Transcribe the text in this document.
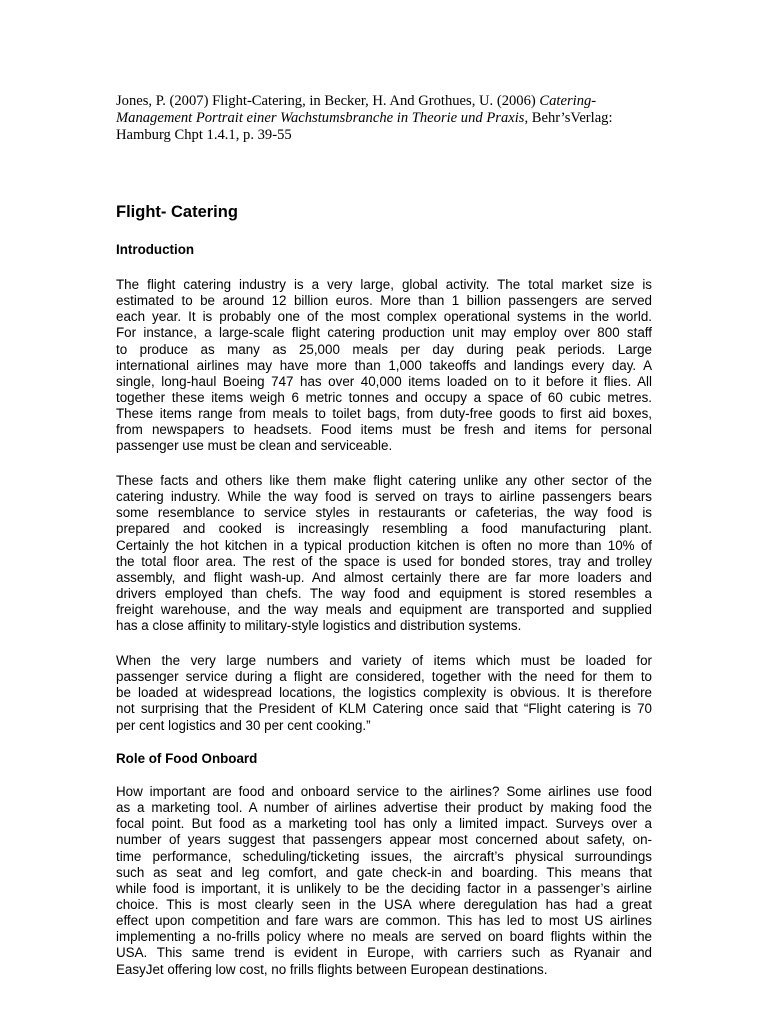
Jones, P. (2007) Flight-Catering, in Becker, H. And Grothues, U. (2006) Catering-
Management Portrait einer Wachstumsbranche in Theorie und Praxis, Behr’sVerlag:
Hamburg Chpt 1.4.1, p. 39-55

Flight- Catering
Introduction

The flight catering industry is a very large, global activity. The total market size is
estimated to be around 12 billion euros. More than 1 billion passengers are served
each year. It is probably one of the most complex operational systems in the world.
For instance, a large-scale flight catering production unit may employ over 800 staff
to produce as many as 25,000 meals per day during peak periods. Large
international airlines may have more than 1,000 takeoffs and landings every day. A
single, long-haul Boeing 747 has over 40,000 items loaded on to it before it flies. All
together these items weigh 6 metric tonnes and occupy a space of 60 cubic metres.
These items range from meals to toilet bags, from duty-free goods to first aid boxes,
from newspapers to headsets. Food items must be fresh and items for personal
passenger use must be clean and serviceable.

These facts and others like them make flight catering unlike any other sector of the
catering industry. While the way food is served on trays to airline passengers bears
some resemblance to service styles in restaurants or cafeterias, the way food is
prepared and cooked is increasingly resembling a food manufacturing plant.
Certainly the hot kitchen in a typical production kitchen is often no more than 10% of
the total floor area. The rest of the space is used for bonded stores, tray and trolley
assembly, and flight wash-up. And almost certainly there are far more loaders and
drivers employed than chefs. The way food and equipment is stored resembles a
freight warehouse, and the way meals and equipment are transported and supplied
has a close affinity to military-style logistics and distribution systems.

When the very large numbers and variety of items which must be loaded for
passenger service during a flight are considered, together with the need for them to
be loaded at widespread locations, the logistics complexity is obvious. It is therefore
not surprising that the President of KLM Catering once said that “Flight catering is 70
per cent logistics and 30 per cent cooking.”

Role of Food Onboard

How important are food and onboard service to the airlines? Some airlines use food
as a marketing tool. A number of airlines advertise their product by making food the
focal point. But food as a marketing tool has only a limited impact. Surveys over a
number of years suggest that passengers appear most concerned about safety, on-
time performance, scheduling/ticketing issues, the aircraft’s physical surroundings
such as seat and leg comfort, and gate check-in and boarding. This means that
while food is important, it is unlikely to be the deciding factor in a passenger’s airline
choice. This is most clearly seen in the USA where deregulation has had a great
effect upon competition and fare wars are common. This has led to most US airlines
implementing a no-frills policy where no meals are served on board flights within the
USA. This same trend is evident in Europe, with carriers such as Ryanair and
EasyJet offering low cost, no frills flights between European destinations.
